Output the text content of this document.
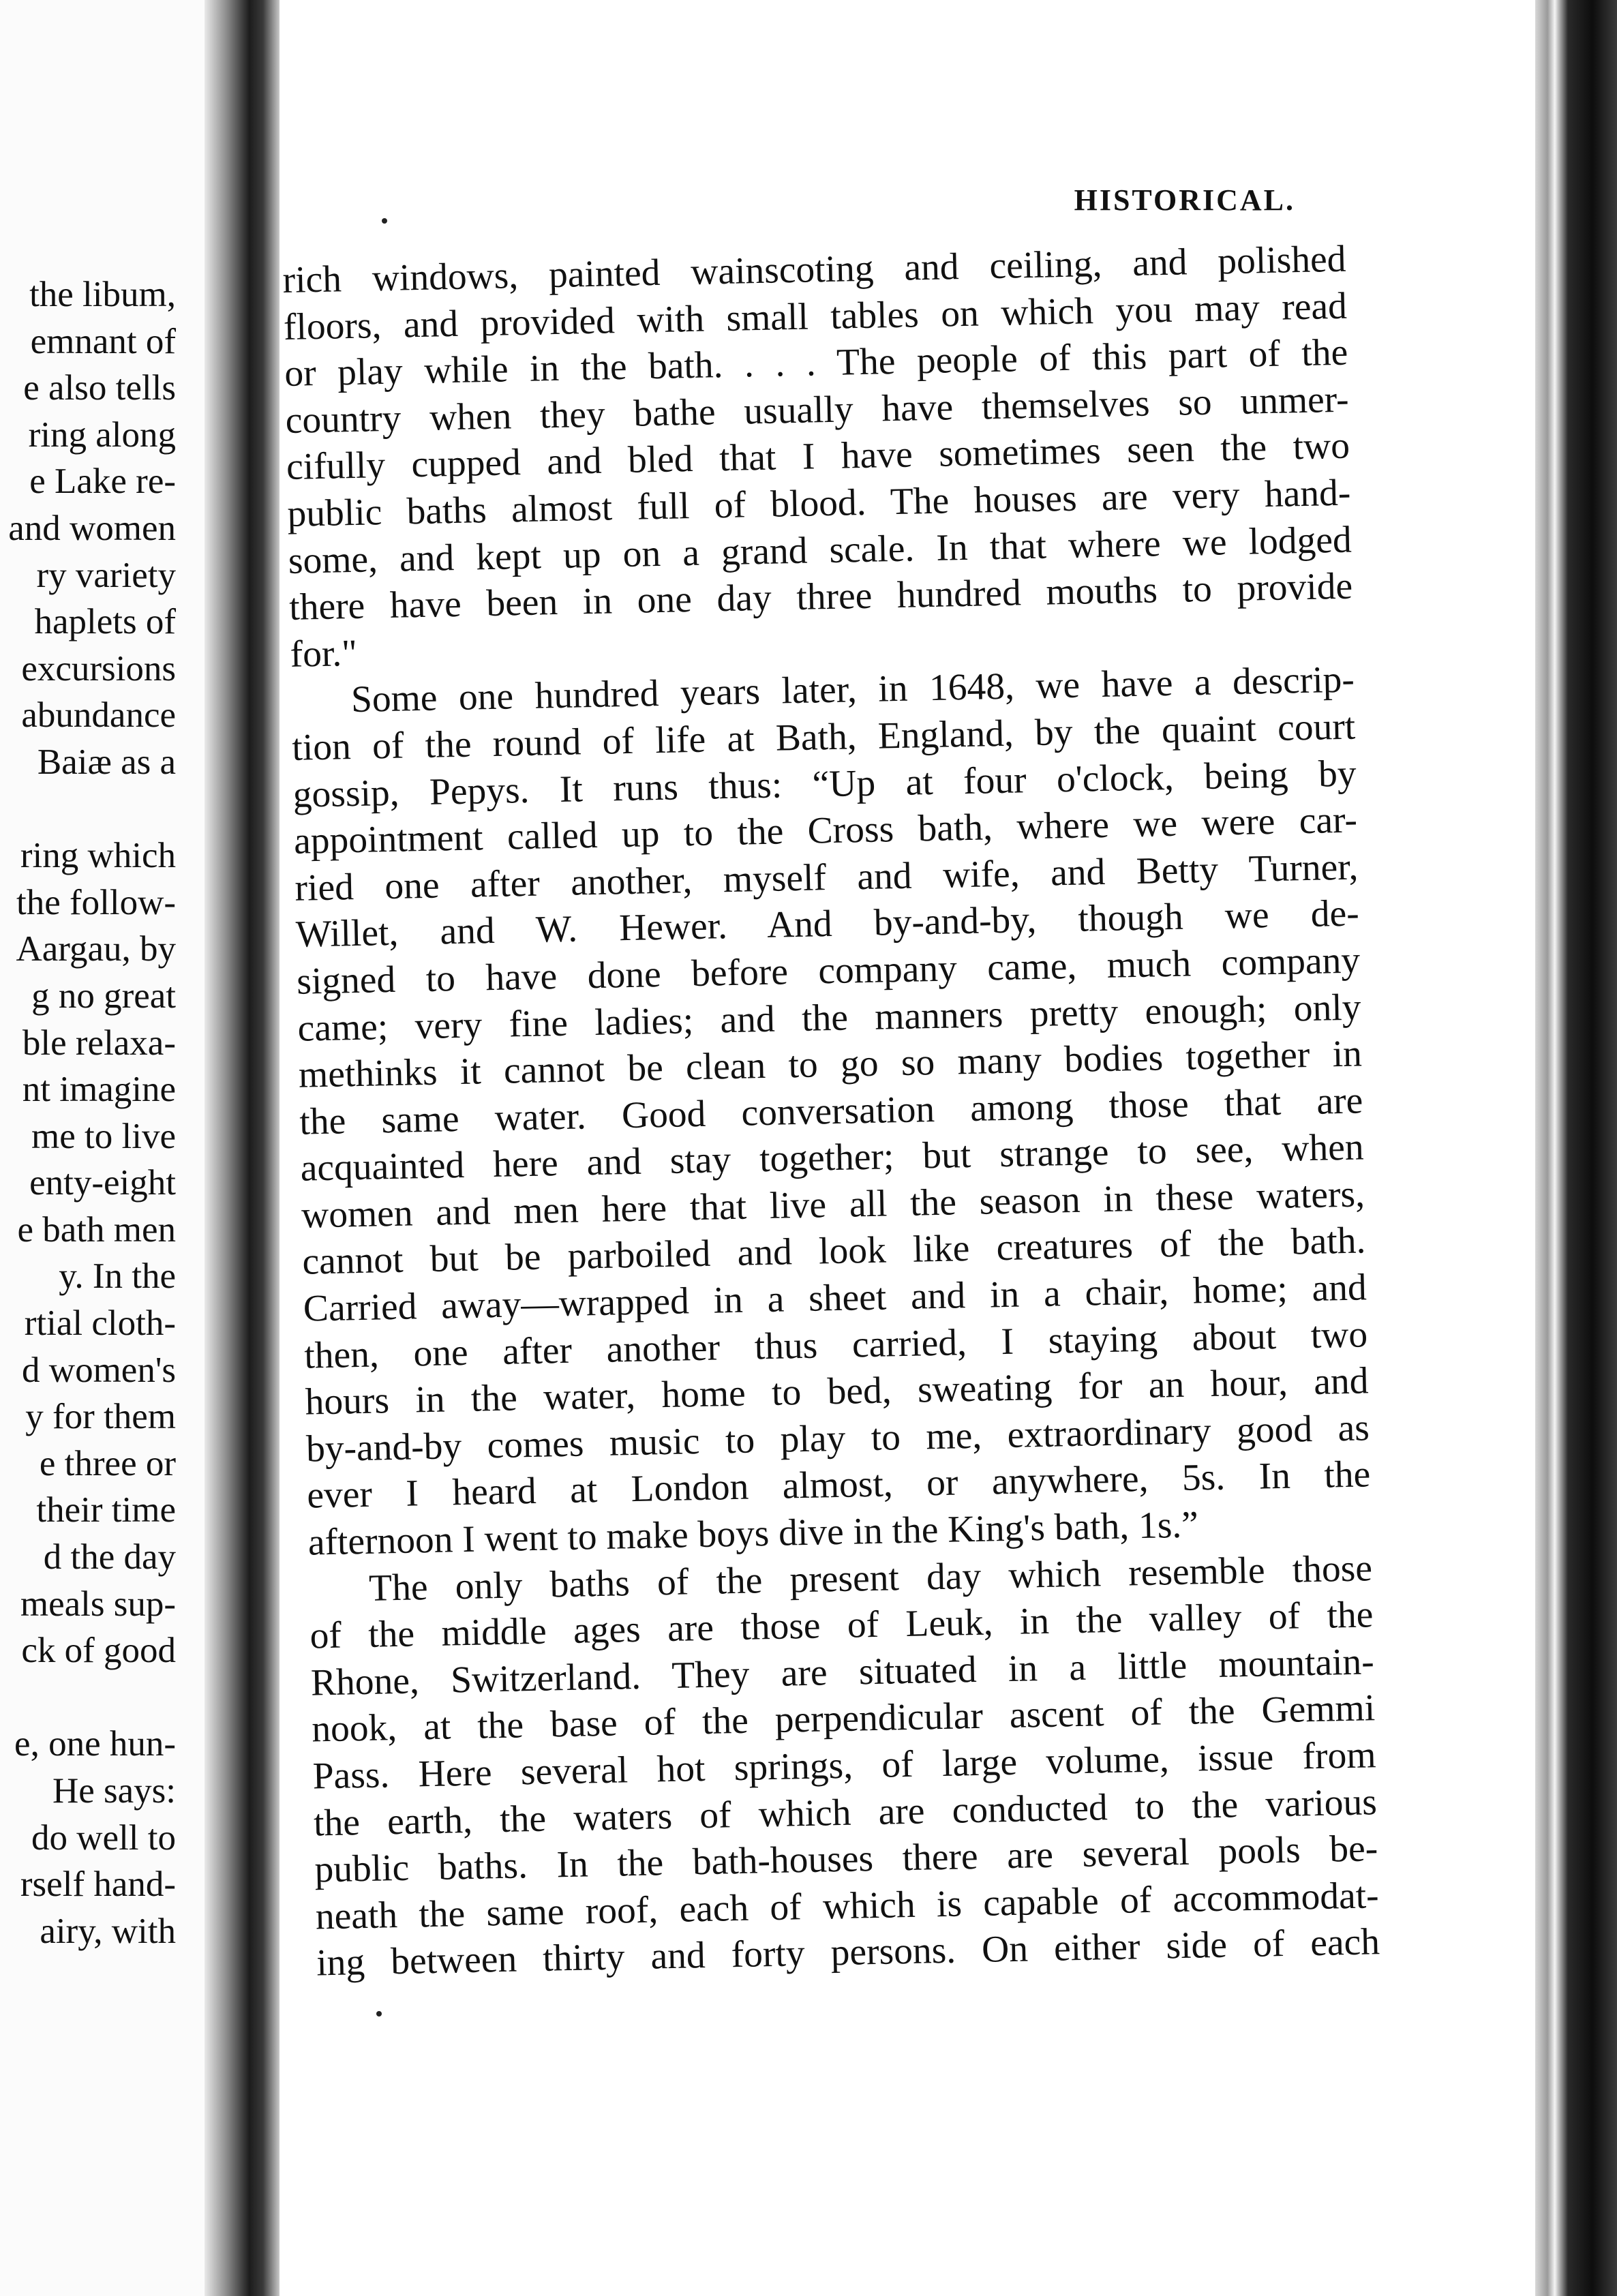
the libum,
emnant of
e also tells
ring along
e Lake re-
and women
ry variety
haplets of
excursions
abundance
Baiæ as a
ring which
the follow-
Aargau, by
g no great
ble relaxa-
nt imagine
me to live
enty-eight
e bath men
y. In the
rtial cloth-
d women's
y for them
e three or
their time
d the day
meals sup-
ck of good
e, one hun-
He says:
do well to
rself hand-
airy, with
HISTORICAL.
rich windows, painted wainscoting and ceiling, and polished
floors, and provided with small tables on which you may read
or play while in the bath. . . . The people of this part of the
country when they bathe usually have themselves so unmer-
cifully cupped and bled that I have sometimes seen the two
public baths almost full of blood. The houses are very hand-
some, and kept up on a grand scale. In that where we lodged
there have been in one day three hundred mouths to provide
for."
Some one hundred years later, in 1648, we have a descrip-
tion of the round of life at Bath, England, by the quaint court
gossip, Pepys. It runs thus: “Up at four o'clock, being by
appointment called up to the Cross bath, where we were car-
ried one after another, myself and wife, and Betty Turner,
Willet, and W. Hewer. And by-and-by, though we de-
signed to have done before company came, much company
came; very fine ladies; and the manners pretty enough; only
methinks it cannot be clean to go so many bodies together in
the same water. Good conversation among those that are
acquainted here and stay together; but strange to see, when
women and men here that live all the season in these waters,
cannot but be parboiled and look like creatures of the bath.
Carried away—wrapped in a sheet and in a chair, home; and
then, one after another thus carried, I staying about two
hours in the water, home to bed, sweating for an hour, and
by-and-by comes music to play to me, extraordinary good as
ever I heard at London almost, or anywhere, 5s. In the
afternoon I went to make boys dive in the King's bath, 1s.”
The only baths of the present day which resemble those
of the middle ages are those of Leuk, in the valley of the
Rhone, Switzerland. They are situated in a little mountain-
nook, at the base of the perpendicular ascent of the Gemmi
Pass. Here several hot springs, of large volume, issue from
the earth, the waters of which are conducted to the various
public baths. In the bath-houses there are several pools be-
neath the same roof, each of which is capable of accommodat-
ing between thirty and forty persons. On either side of each
